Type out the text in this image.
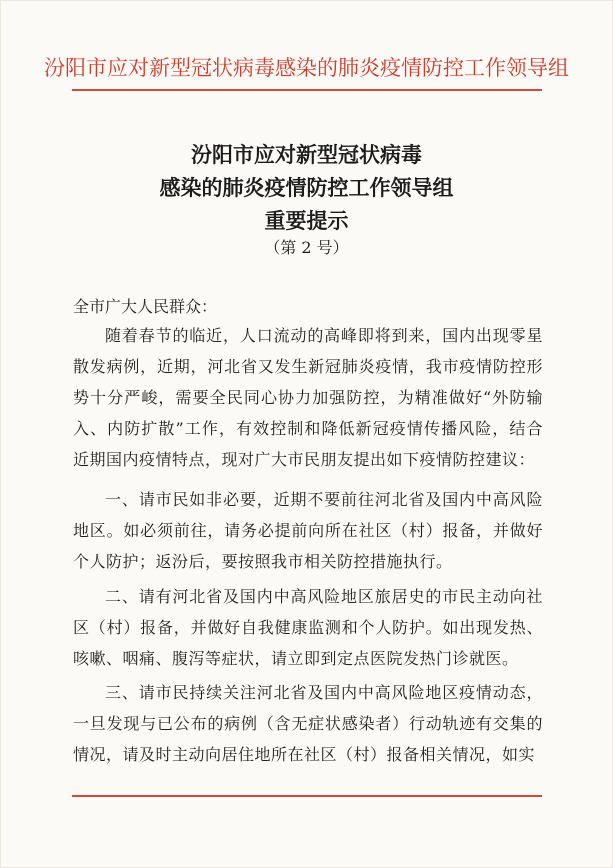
汾阳市应对新型冠状病毒感染的肺炎疫情防控工作领导组
汾阳市应对新型冠状病毒
感染的肺炎疫情防控工作领导组
重要提示
（第 2 号）
全市广大人民群众：
随着春节的临近，人口流动的高峰即将到来，国内出现零星散发病例，近期，河北省又发生新冠肺炎疫情，我市疫情防控形势十分严峻，需要全民同心协力加强防控，为精准做好“外防输入、内防扩散”工作，有效控制和降低新冠疫情传播风险，结合近期国内疫情特点，现对广大市民朋友提出如下疫情防控建议：
一、请市民如非必要，近期不要前往河北省及国内中高风险地区。如必须前往，请务必提前向所在社区（村）报备，并做好个人防护；返汾后，要按照我市相关防控措施执行。
二、请有河北省及国内中高风险地区旅居史的市民主动向社区（村）报备，并做好自我健康监测和个人防护。如出现发热、咳嗽、咽痛、腹泻等症状，请立即到定点医院发热门诊就医。
三、请市民持续关注河北省及国内中高风险地区疫情动态，一旦发现与已公布的病例（含无症状感染者）行动轨迹有交集的情况，请及时主动向居住地所在社区（村）报备相关情况，如实
